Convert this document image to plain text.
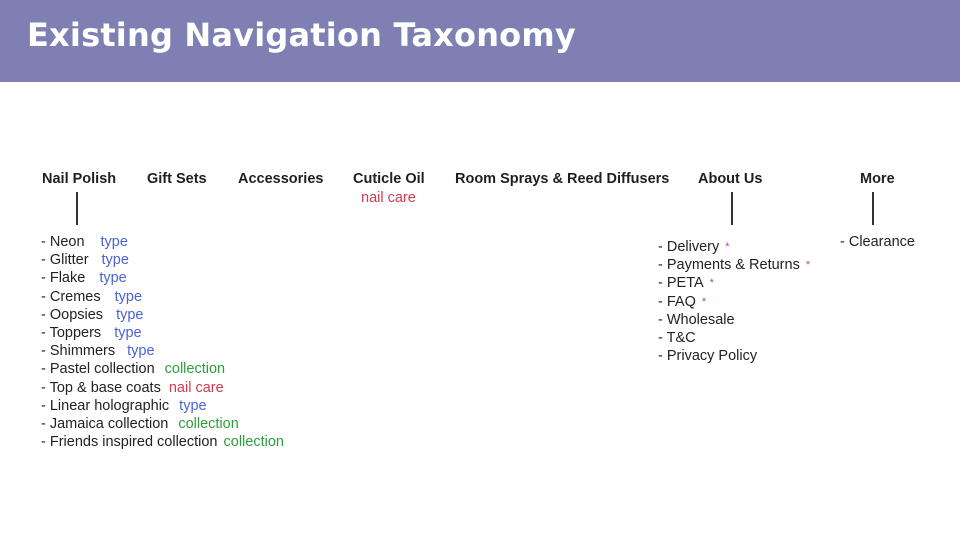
Existing Navigation Taxonomy
Nail Polish Gift Sets Accessories Cuticle Oil
nail care
Room Sprays & Reed Diffusers About Us	More
- Neon type
- Glitter type
- Flake type
- Cremes type
- Oopsies type
- Toppers type
- Shimmers type
- Pastel collection collection
- Top & base coats nail care
- Linear holographic type
- Jamaica collection collection
- Friends inspired collection collection
- Delivery *
- Payments & Returns *
- PETA *
- FAQ *
- Wholesale
- T&C
- Privacy Policy
- Clearance
